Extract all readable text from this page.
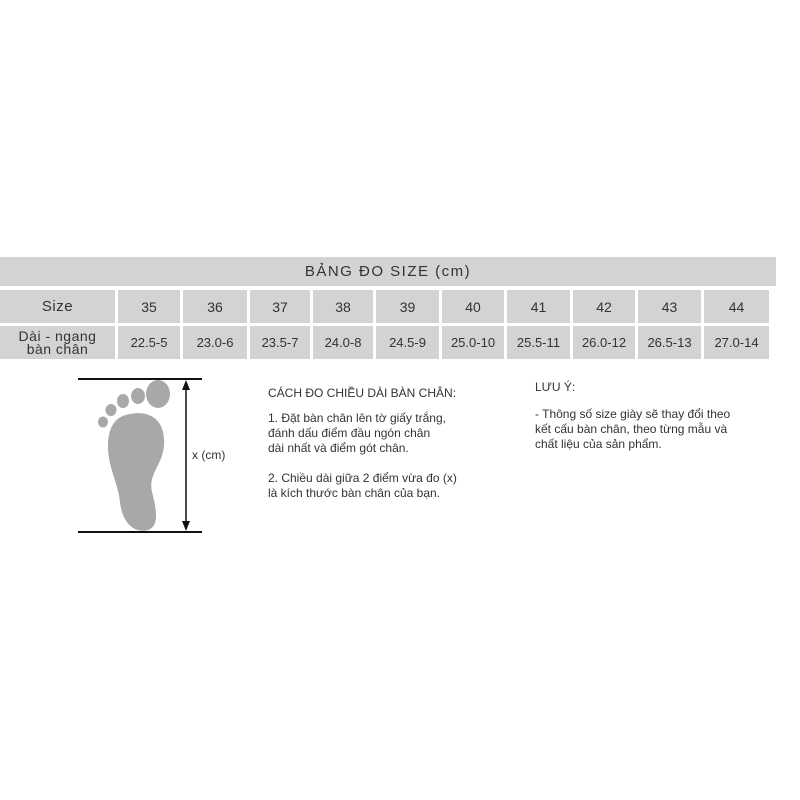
BẢNG ĐO SIZE (cm)
Size	35	36	37	38	39	40	41	42	43	44
Dài - ngang
bàn chân	22.5-5	23.0-6	23.5-7	24.0-8	24.5-9	25.0-10	25.5-11	26.0-12	26.5-13	27.0-14
x (cm)
CÁCH ĐO CHIỀU DÀI BÀN CHÂN:

1. Đặt bàn chân lên tờ giấy trắng,
đánh dấu điểm đầu ngón chân
dài nhất và điểm gót chân.

2. Chiều dài giữa 2 điểm vừa đo (x)
là kích thước bàn chân của bạn.

LƯU Ý:

- Thông số size giày sẽ thay đổi theo
kết cấu bàn chân, theo từng mẫu và
chất liệu của sản phẩm.
